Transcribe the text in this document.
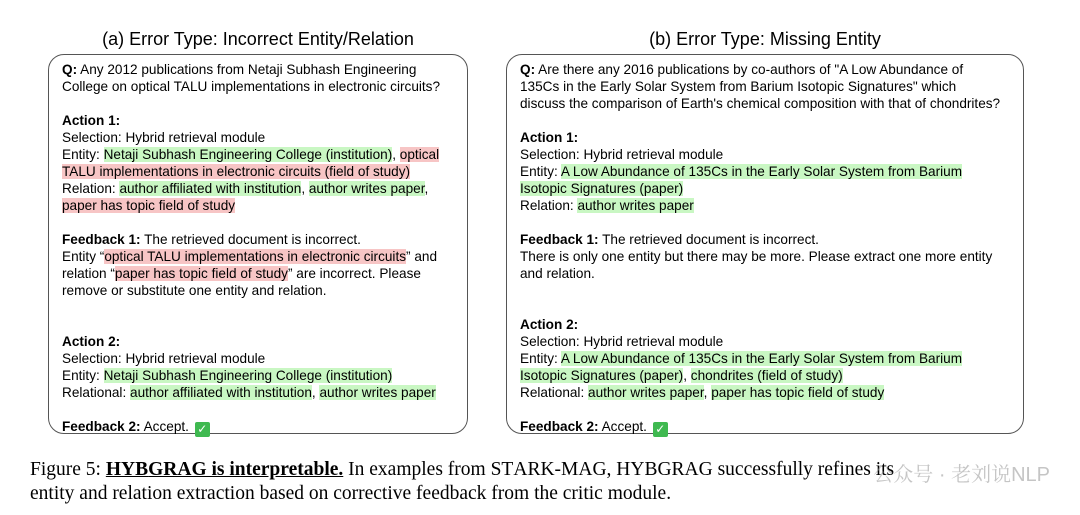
(a) Error Type: Incorrect Entity/Relation	(b) Error Type: Missing Entity
Q: Any 2012 publications from Netaji Subhash Engineering
College on optical TALU implementations in electronic circuits?
Action 1:
Selection: Hybrid retrieval module
Entity: Netaji Subhash Engineering College (institution), optical
TALU implementations in electronic circuits (field of study)
Relation: author affiliated with institution, author writes paper,
paper has topic field of study
Feedback 1: The retrieved document is incorrect.
Entity “optical TALU implementations in electronic circuits” and
relation “paper has topic field of study” are incorrect. Please
remove or substitute one entity and relation.
Action 2:
Selection: Hybrid retrieval module
Entity: Netaji Subhash Engineering College (institution)
Relational: author affiliated with institution, author writes paper
Feedback 2: Accept. ✓
Q: Are there any 2016 publications by co-authors of "A Low Abundance of
135Cs in the Early Solar System from Barium Isotopic Signatures" which
discuss the comparison of Earth's chemical composition with that of chondrites?
Action 1:
Selection: Hybrid retrieval module
Entity: A Low Abundance of 135Cs in the Early Solar System from Barium
Isotopic Signatures (paper)
Relation: author writes paper
Feedback 1: The retrieved document is incorrect.
There is only one entity but there may be more. Please extract one more entity
and relation.
Action 2:
Selection: Hybrid retrieval module
Entity: A Low Abundance of 135Cs in the Early Solar System from Barium
Isotopic Signatures (paper), chondrites (field of study)
Relational: author writes paper, paper has topic field of study
Feedback 2: Accept. ✓
Figure 5: HYBGRAG is interpretable. In examples from STARK-MAG, HYBGRAG successfully refines its
entity and relation extraction based on corrective feedback from the critic module.
公众号 · 老刘说NLP
